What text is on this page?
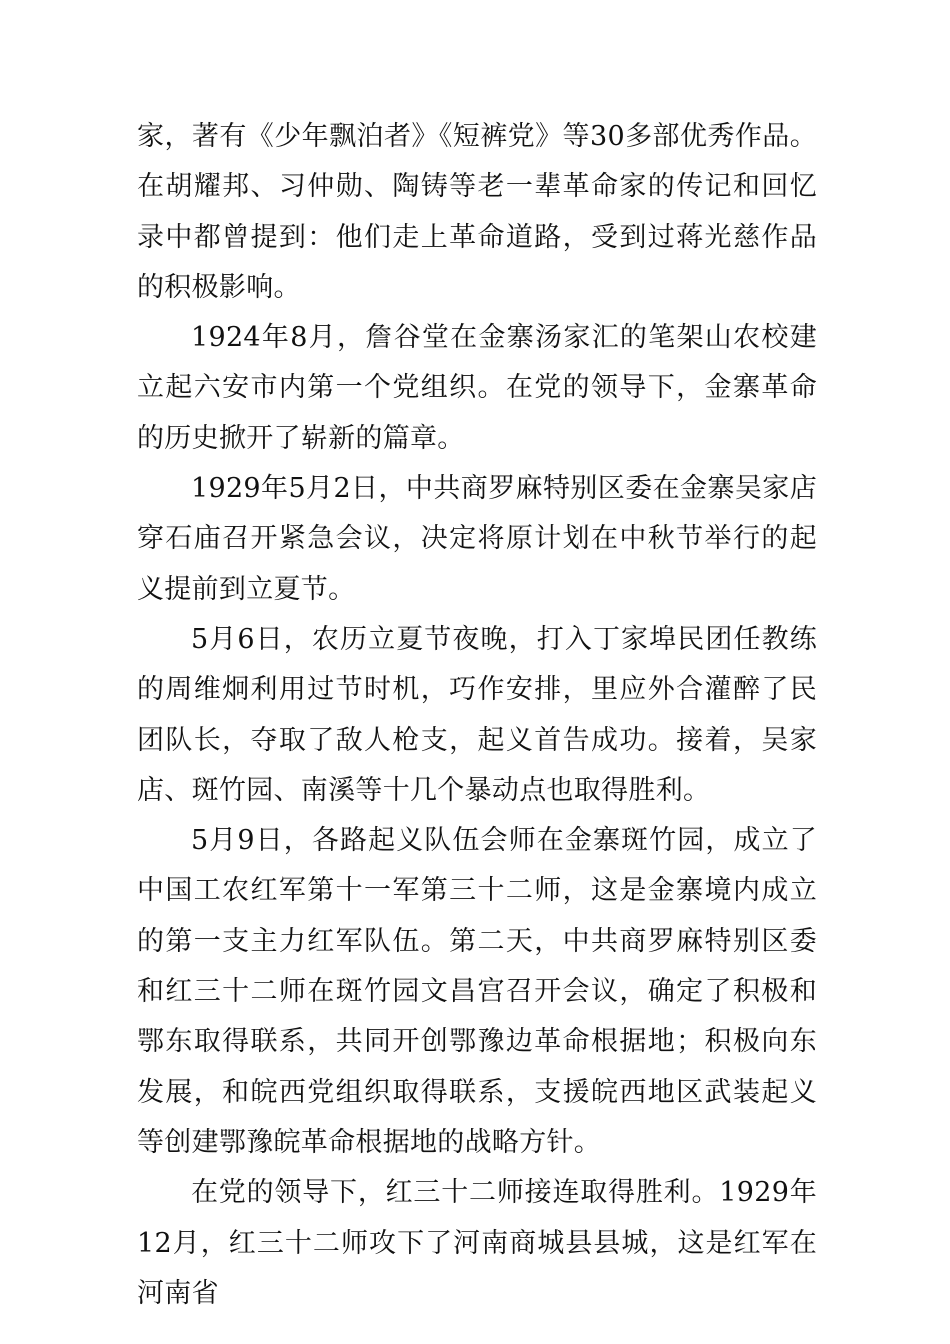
家，著有《少年飘泊者》《短裤党》等30多部优秀作品。在胡耀邦、习仲勋、陶铸等老一辈革命家的传记和回忆录中都曾提到：他们走上革命道路，受到过蒋光慈作品的积极影响。

1924年8月，詹谷堂在金寨汤家汇的笔架山农校建立起六安市内第一个党组织。在党的领导下，金寨革命的历史掀开了崭新的篇章。

1929年5月2日，中共商罗麻特别区委在金寨吴家店穿石庙召开紧急会议，决定将原计划在中秋节举行的起义提前到立夏节。

5月6日，农历立夏节夜晚，打入丁家埠民团任教练的周维炯利用过节时机，巧作安排，里应外合灌醉了民团队长，夺取了敌人枪支，起义首告成功。接着，吴家店、斑竹园、南溪等十几个暴动点也取得胜利。

5月9日，各路起义队伍会师在金寨斑竹园，成立了中国工农红军第十一军第三十二师，这是金寨境内成立的第一支主力红军队伍。第二天，中共商罗麻特别区委和红三十二师在斑竹园文昌宫召开会议，确定了积极和鄂东取得联系，共同开创鄂豫边革命根据地；积极向东发展，和皖西党组织取得联系，支援皖西地区武装起义等创建鄂豫皖革命根据地的战略方针。

在党的领导下，红三十二师接连取得胜利。1929年12月，红三十二师攻下了河南商城县县城，这是红军在河南省
